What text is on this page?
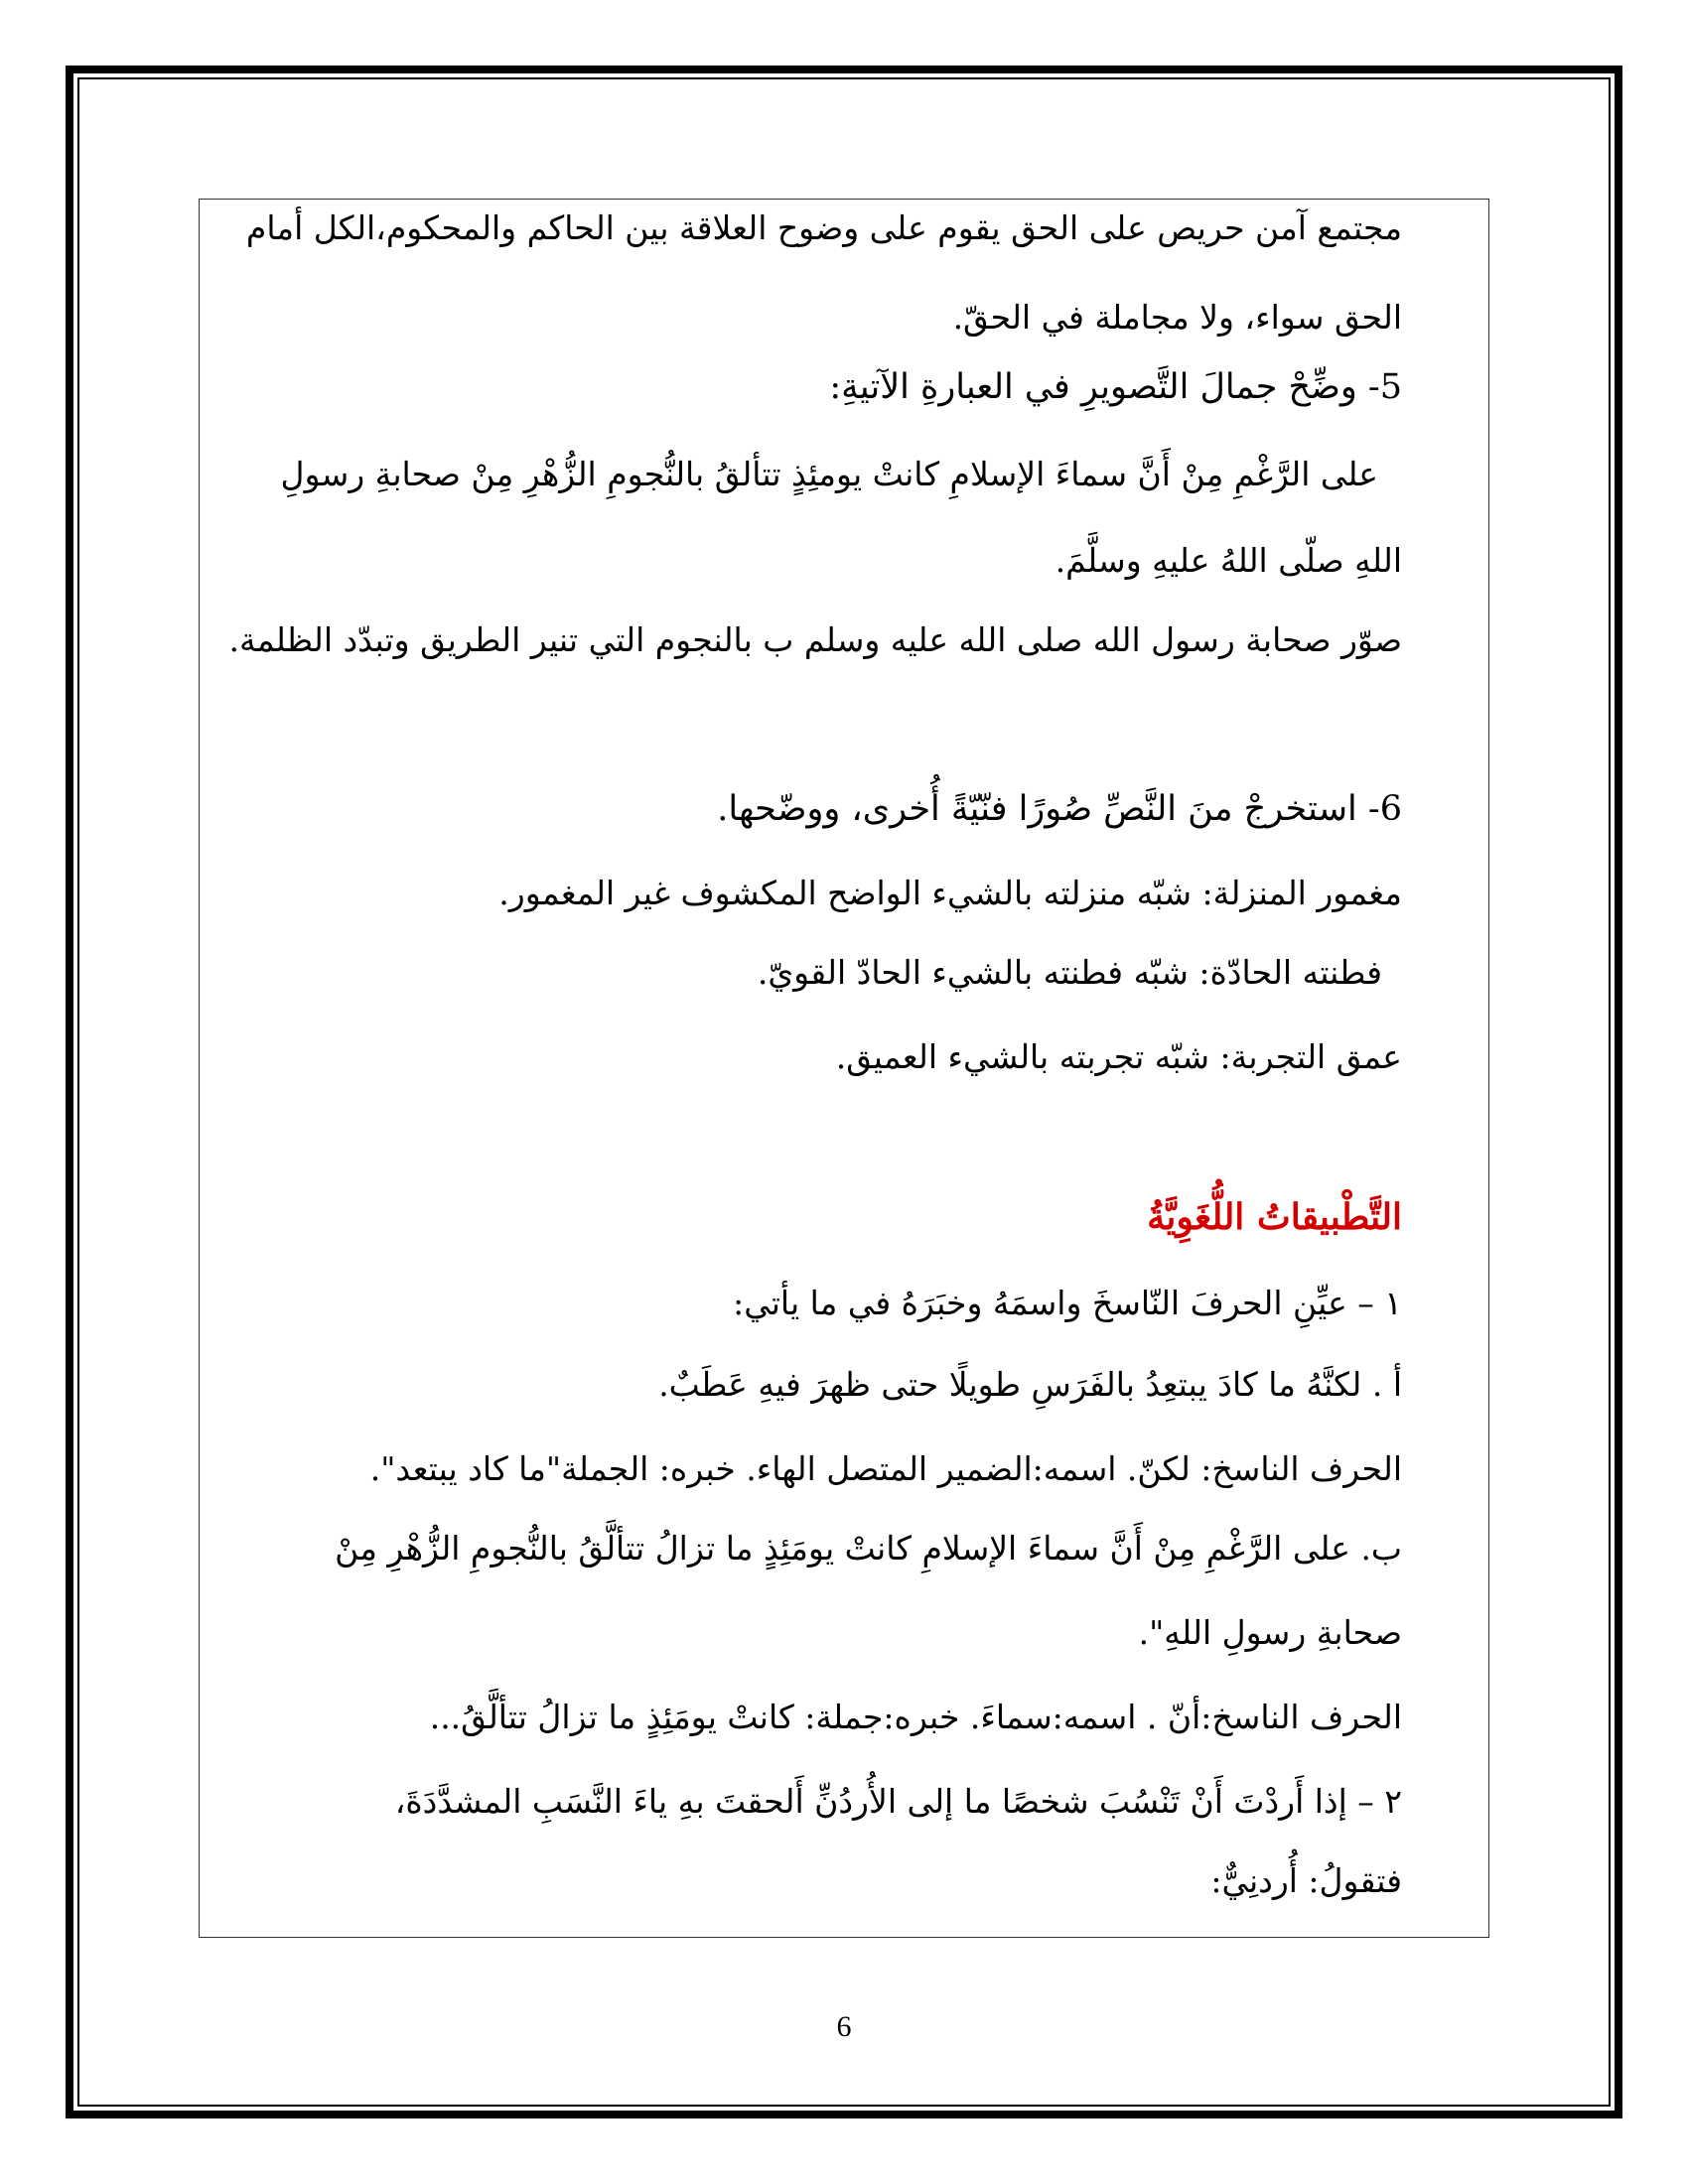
مجتمع آمن حريص على الحق يقوم على وضوح العلاقة بين الحاكم والمحكوم،الكل أمام

الحق سواء، ولا مجاملة في الحقّ.

5- وضِّحْ جمالَ التَّصويرِ في العبارةِ الآتيةِ:

على الرَّغْمِ مِنْ أَنَّ سماءَ الإسلامِ كانتْ يومئِذٍ تتألقُ بالنُّجومِ الزُّهْرِ مِنْ صحابةِ رسولِ

اللهِ صلّى اللهُ عليهِ وسلَّمَ.

صوّر صحابة رسول الله صلى الله عليه وسلم ب بالنجوم التي تنير الطريق وتبدّد الظلمة.

6- استخرجْ منَ النَّصِّ صُورًا فنّيّةً أُخرى، ووضّحها.

مغمور المنزلة: شبّه منزلته بالشيء الواضح المكشوف غير المغمور.

فطنته الحادّة: شبّه فطنته بالشيء الحادّ القويّ.

عمق التجربة: شبّه تجربته بالشيء العميق.

التَّطْبيقاتُ اللُّغَوِيَّةُ

١ – عيِّنِ الحرفَ النّاسخَ واسمَهُ وخبَرَهُ في ما يأتي:

أ . لكنَّهُ ما كادَ يبتعِدُ بالفَرَسِ طويلًا حتى ظهرَ فيهِ عَطَبٌ.

الحرف الناسخ: لكنّ. اسمه:الضمير المتصل الهاء. خبره: الجملة"ما كاد يبتعد".

ب. على الرَّغْمِ مِنْ أَنَّ سماءَ الإسلامِ كانتْ يومَئِذٍ ما تزالُ تتألَّقُ بالنُّجومِ الزُّهْرِ مِنْ

صحابةِ رسولِ اللهِ".

الحرف الناسخ:أنّ . اسمه:سماءَ. خبره:جملة: كانتْ يومَئِذٍ ما تزالُ تتألَّقُ...

٢ – إذا أَردْتَ أَنْ تَنْسُبَ شخصًا ما إلى الأُردُنِّ أَلحقتَ بهِ ياءَ النَّسَبِ المشدَّدَةَ،

فتقولُ: أُردنِيٌّ:

6
